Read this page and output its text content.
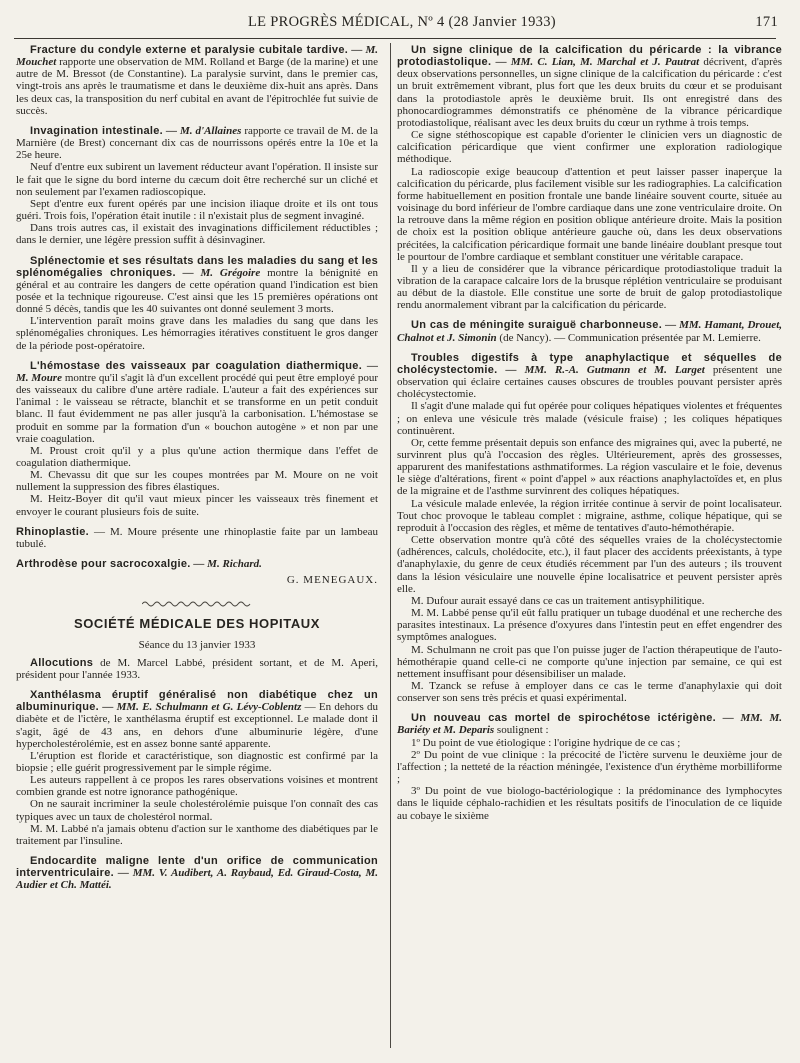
LE PROGRÈS MÉDICAL, Nº 4 (28 Janvier 1933)	171

Fracture du condyle externe et paralysie cubitale tardive. — M. Mouchet rapporte une observation de MM. Rolland et Barge (de la marine) et une autre de M. Bressot (de Constantine). La paralysie survint, dans le premier cas, vingt-trois ans après le traumatisme et dans le deuxième dix-huit ans après. Dans les deux cas, la transposition du nerf cubital en avant de l'épitrochlée fut suivie de succès.

Invagination intestinale. — M. d'Allaines rapporte ce travail de M. de la Marnière (de Brest) concernant dix cas de nourrissons opérés entre la 10e et la 25e heure.

Neuf d'entre eux subirent un lavement réducteur avant l'opération. Il insiste sur le fait que le signe du bord interne du cæcum doit être recherché sur un cliché et non seulement par l'examen radioscopique.

Sept d'entre eux furent opérés par une incision iliaque droite et ils ont tous guéri. Trois fois, l'opération était inutile : il n'existait plus de segment invaginé.

Dans trois autres cas, il existait des invaginations difficilement réductibles ; dans le dernier, une légère pression suffit à désinvaginer.

Splénectomie et ses résultats dans les maladies du sang et les splénomégalies chroniques. — M. Grégoire montre la bénignité en général et au contraire les dangers de cette opération quand l'indication est bien posée et la technique rigoureuse. C'est ainsi que les 15 premières opérations ont donné 5 décès, tandis que les 40 suivantes ont donné seulement 3 morts.

L'intervention paraît moins grave dans les maladies du sang que dans les splénomégalies chroniques. Les hémorragies itératives constituent le gros danger de la période post-opératoire.

L'hémostase des vaisseaux par coagulation diathermique. — M. Moure montre qu'il s'agit là d'un excellent procédé qui peut être employé pour des vaisseaux du calibre d'une artère radiale. L'auteur a fait des expériences sur l'animal : le vaisseau se rétracte, blanchit et se transforme en un petit conduit blanc. Il faut évidemment ne pas aller jusqu'à la carbonisation. L'hémostase se produit en somme par la formation d'un « bouchon autogène » et non par une vraie coagulation.

M. Proust croit qu'il y a plus qu'une action thermique dans l'effet de coagulation diathermique.

M. Chevassu dit que sur les coupes montrées par M. Moure on ne voit nullement la suppression des fibres élastiques.

M. Heitz-Boyer dit qu'il vaut mieux pincer les vaisseaux très finement et envoyer le courant plusieurs fois de suite.

Rhinoplastie. — M. Moure présente une rhinoplastie faite par un lambeau tubulé.

Arthrodèse pour sacrocoxalgie. — M. Richard.

G. MENEGAUX.

SOCIÉTÉ MÉDICALE DES HOPITAUX

Séance du 13 janvier 1933

Allocutions de M. Marcel Labbé, président sortant, et de M. Aperi, président pour l'année 1933.

Xanthélasma éruptif généralisé non diabétique chez un albuminurique. — MM. E. Schulmann et G. Lévy-Coblentz — En dehors du diabète et de l'ictère, le xanthélasma éruptif est exceptionnel. Le malade dont il s'agit, âgé de 43 ans, en dehors d'une albuminurie légère, d'une hypercholestérolémie, est en assez bonne santé apparente.

L'éruption est floride et caractéristique, son diagnostic est confirmé par la biopsie ; elle guérit progressivement par le simple régime.

Les auteurs rappellent à ce propos les rares observations voisines et montrent combien grande est notre ignorance pathogénique.

On ne saurait incriminer la seule cholestérolémie puisque l'on connaît des cas typiques avec un taux de cholestérol normal.

M. M. Labbé n'a jamais obtenu d'action sur le xanthome des diabétiques par le traitement par l'insuline.

Endocardite maligne lente d'un orifice de communication interventriculaire. — MM. V. Audibert, A. Raybaud, Ed. Giraud-Costa, M. Audier et Ch. Mattéi.

Un signe clinique de la calcification du péricarde : la vibrance protodiastolique. — MM. C. Lian, M. Marchal et J. Pautrat décrivent, d'après deux observations personnelles, un signe clinique de la calcification du péricarde : c'est un bruit extrêmement vibrant, plus fort que les deux bruits du cœur et se produisant dans la protodiastole après le deuxième bruit. Ils ont enregistré dans des phonocardiogrammes démonstratifs ce phénomène de la vibrance péricardique protodiastolique, réalisant avec les deux bruits du cœur un rythme à trois temps.

Ce signe stéthoscopique est capable d'orienter le clinicien vers un diagnostic de calcification péricardique que vient confirmer une exploration radiologique méthodique.

La radioscopie exige beaucoup d'attention et peut laisser passer inaperçue la calcification du péricarde, plus facilement visible sur les radiographies. La calcification forme habituellement en position frontale une bande linéaire souvent courte, située au voisinage du bord inférieur de l'ombre cardiaque dans une zone ventriculaire droite. On la retrouve dans la même région en position oblique antérieure droite. Mais la position de choix est la position oblique antérieure gauche où, dans les deux observations précitées, la calcification péricardique formait une bande linéaire doublant presque tout le pourtour de l'ombre cardiaque et semblant constituer une véritable carapace.

Il y a lieu de considérer que la vibrance péricardique protodiastolique traduit la vibration de la carapace calcaire lors de la brusque réplétion ventriculaire se produisant au début de la diastole. Elle constitue une sorte de bruit de galop protodiastolique rendu anormalement vibrant par la calcification du péricarde.

Un cas de méningite suraiguë charbonneuse. — MM. Hamant, Drouet, Chalnot et J. Simonin (de Nancy). — Communication présentée par M. Lemierre.

Troubles digestifs à type anaphylactique et séquelles de cholécystectomie. — MM. R.-A. Gutmann et M. Larget présentent une observation qui éclaire certaines causes obscures de troubles pouvant persister après cholécystectomie.

Il s'agit d'une malade qui fut opérée pour coliques hépatiques violentes et fréquentes ; on enleva une vésicule très malade (vésicule fraise) ; les coliques hépatiques continuèrent.

Or, cette femme présentait depuis son enfance des migraines qui, avec la puberté, ne survinrent plus qu'à l'occasion des règles. Ultérieurement, après des grossesses, apparurent des manifestations asthmatiformes. La région vasculaire et le foie, devenus le siège d'altérations, firent « point d'appel » aux réactions anaphylactoïdes et, en plus de la migraine et de l'asthme survinrent des coliques hépatiques.

La vésicule malade enlevée, la région irritée continue à servir de point localisateur. Tout choc provoque le tableau complet : migraine, asthme, colique hépatique, qui se reproduit à l'occasion des règles, et même de tentatives d'auto-hémothérapie.

Cette observation montre qu'à côté des séquelles vraies de la cholécystectomie (adhérences, calculs, cholédocite, etc.), il faut placer des accidents préexistants, à type d'anaphylaxie, du genre de ceux étudiés récemment par l'un des auteurs ; ils trouvent dans la lésion vésiculaire une nouvelle épine localisatrice et peuvent persister après elle.

M. Dufour aurait essayé dans ce cas un traitement antisyphilitique.

M. M. Labbé pense qu'il eût fallu pratiquer un tubage duodénal et une recherche des parasites intestinaux. La présence d'oxyures dans l'intestin peut en effet engendrer des symptômes analogues.

M. Schulmann ne croit pas que l'on puisse juger de l'action thérapeutique de l'auto-hémothérapie quand celle-ci ne comporte qu'une injection par semaine, ce qui est nettement insuffisant pour désensibiliser un malade.

M. Tzanck se refuse à employer dans ce cas le terme d'anaphylaxie qui doit conserver son sens très précis et quasi expérimental.

Un nouveau cas mortel de spirochétose ictérigène. — MM. M. Bariéty et M. Deparis soulignent :

1º Du point de vue étiologique : l'origine hydrique de ce cas ;

2º Du point de vue clinique : la précocité de l'ictère survenu le deuxième jour de l'affection ; la netteté de la réaction méningée, l'existence d'un érythème morbilliforme ;

3º Du point de vue biologo-bactériologique : la prédominance des lymphocytes dans le liquide céphalo-rachidien et les résultats positifs de l'inoculation de ce liquide au cobaye le sixième
